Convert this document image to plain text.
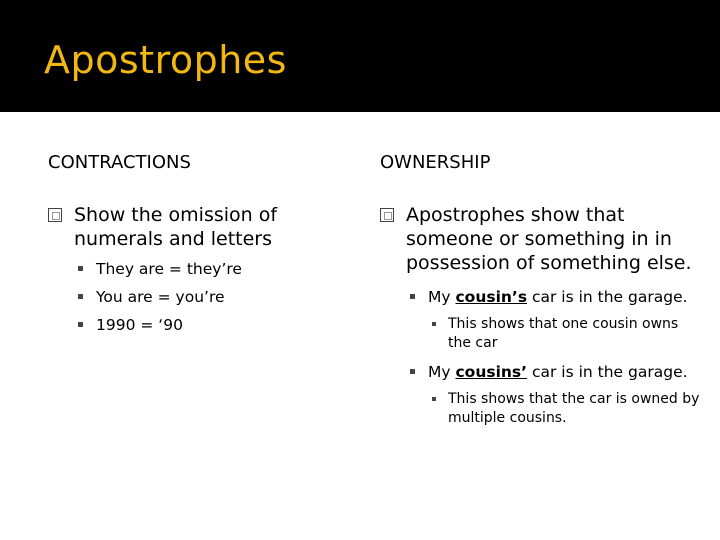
Apostrophes

CONTRACTIONS

Show the omission of numerals and letters
They are = they’re
You are = you’re
1990 = ‘90

OWNERSHIP

Apostrophes show that someone or something in in possession of something else.
My cousin’s car is in the garage.
This shows that one cousin owns the car
My cousins’ car is in the garage.
This shows that the car is owned by multiple cousins.
